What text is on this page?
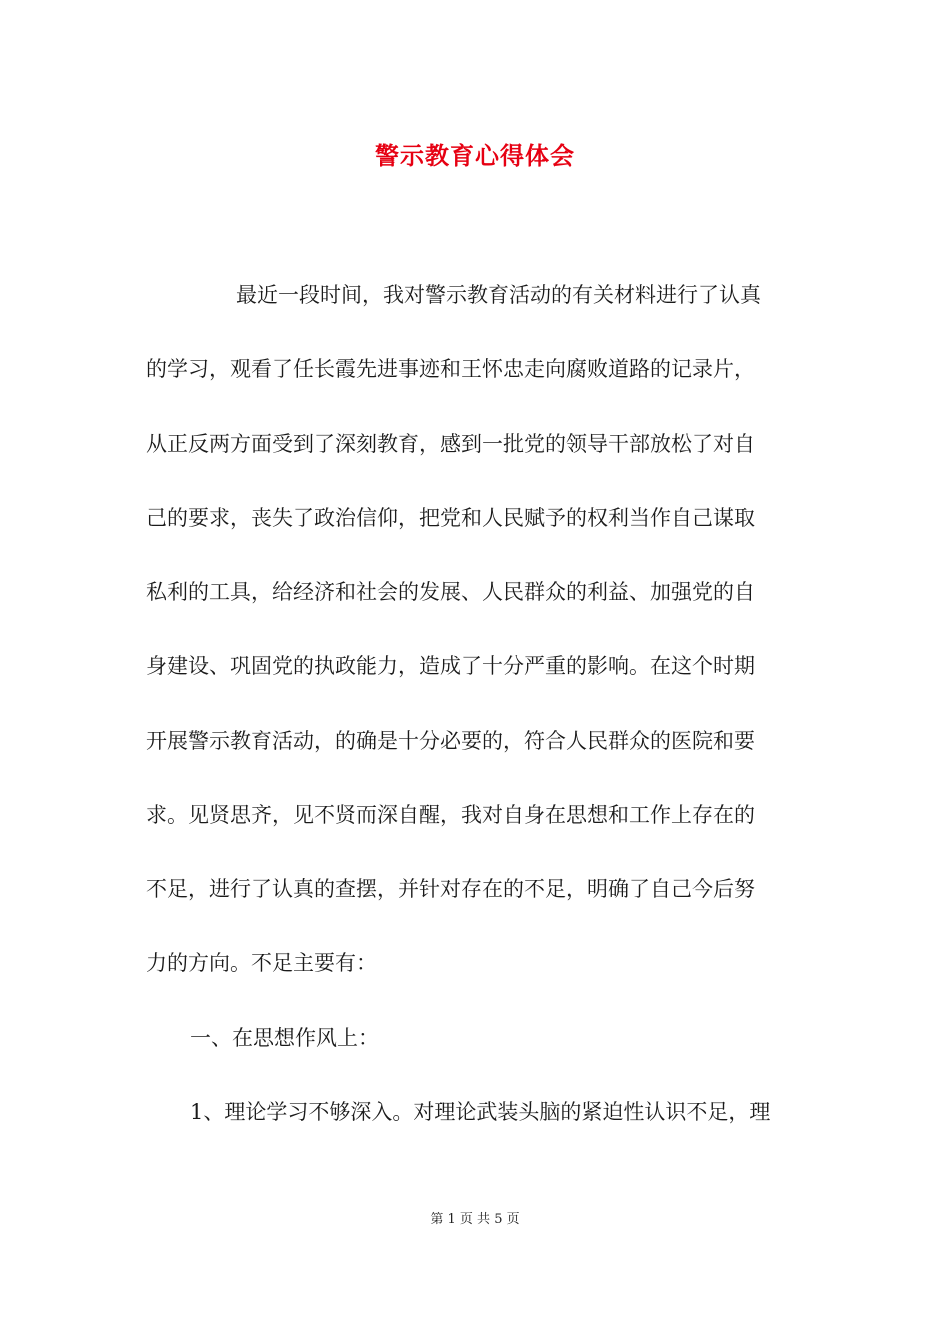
警示教育心得体会
最近一段时间，我对警示教育活动的有关材料进行了认真
的学习，观看了任长霞先进事迹和王怀忠走向腐败道路的记录片，
从正反两方面受到了深刻教育，感到一批党的领导干部放松了对自
己的要求，丧失了政治信仰，把党和人民赋予的权利当作自己谋取
私利的工具，给经济和社会的发展、人民群众的利益、加强党的自
身建设、巩固党的执政能力，造成了十分严重的影响。在这个时期
开展警示教育活动，的确是十分必要的，符合人民群众的医院和要
求。见贤思齐，见不贤而深自醒，我对自身在思想和工作上存在的
不足，进行了认真的查摆，并针对存在的不足，明确了自己今后努
力的方向。不足主要有：
一、在思想作风上：
1、理论学习不够深入。对理论武装头脑的紧迫性认识不足，理
第 1 页 共 5 页
